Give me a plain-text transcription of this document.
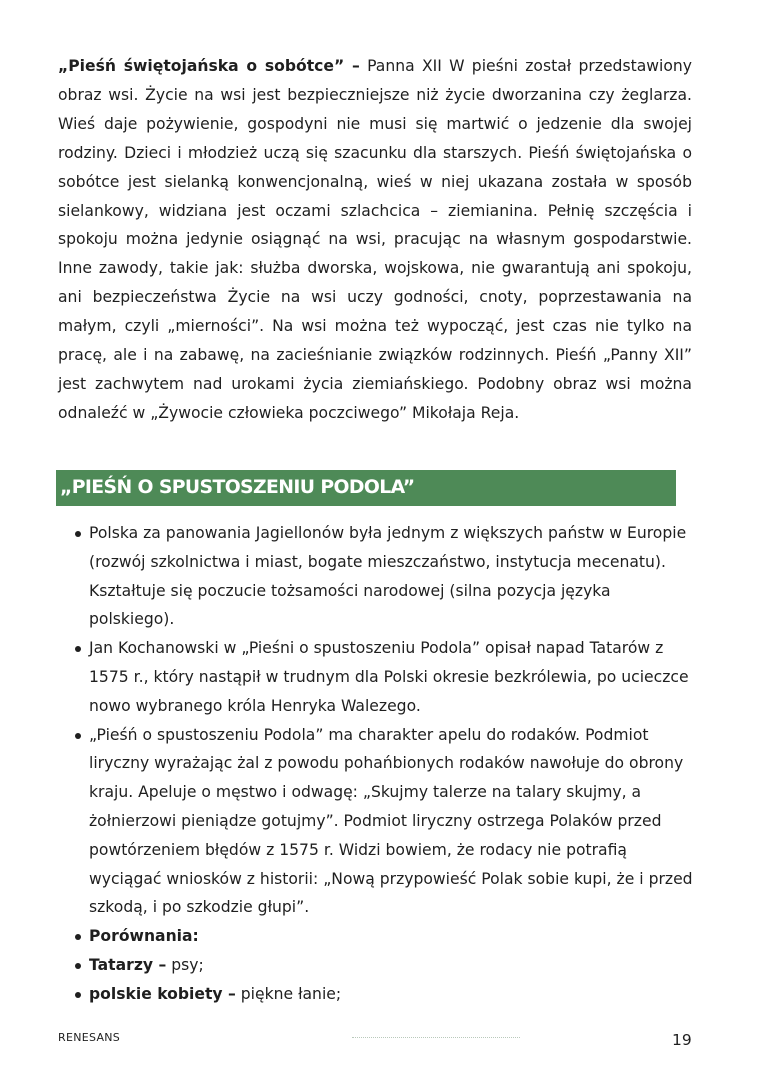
„Pieśń świętojańska o sobótce” – Panna XII W pieśni został przedstawiony obraz wsi. Życie na wsi jest bezpieczniejsze niż życie dworzanina czy żeglarza. Wieś daje pożywienie, gospodyni nie musi się martwić o jedzenie dla swojej rodziny. Dzieci i młodzież uczą się szacunku dla starszych. Pieśń świętojańska o sobótce jest sielanką konwencjonalną, wieś w niej ukazana została w sposób sielankowy, widziana jest oczami szlachcica – ziemianina. Pełnię szczęścia i spokoju można jedynie osiągnąć na wsi, pracując na własnym gospodarstwie. Inne zawody, takie jak: służba dworska, wojskowa, nie gwarantują ani spokoju, ani bezpieczeństwa Życie na wsi uczy godności, cnoty, poprzestawania na małym, czyli „mierności”. Na wsi można też wypocząć, jest czas nie tylko na pracę, ale i na zabawę, na zacieśnianie związków rodzinnych. Pieśń „Panny XII” jest zachwytem nad urokami życia ziemiańskiego. Podobny obraz wsi można odnaleźć w „Żywocie człowieka poczciwego” Mikołaja Reja.

„PIEŚŃ O SPUSTOSZENIU PODOLA”
Polska za panowania Jagiellonów była jednym z większych państw w Europie (rozwój szkolnictwa i miast, bogate mieszczaństwo, instytucja mecenatu). Kształtuje się poczucie tożsamości narodowej (silna pozycja języka polskiego).
Jan Kochanowski w „Pieśni o spustoszeniu Podola” opisał napad Tatarów z 1575 r., który nastąpił w trudnym dla Polski okresie bezkrólewia, po ucieczce nowo wybranego króla Henryka Walezego.
„Pieśń o spustoszeniu Podola” ma charakter apelu do rodaków. Podmiot liryczny wyrażając żal z powodu pohańbionych rodaków nawołuje do obrony kraju. Apeluje o męstwo i odwagę: „Skujmy talerze na talary skujmy, a żołnierzowi pieniądze gotujmy”. Podmiot liryczny ostrzega Polaków przed powtórzeniem błędów z 1575 r. Widzi bowiem, że rodacy nie potrafią wyciągać wniosków z historii: „Nową przypowieść Polak sobie kupi, że i przed szkodą, i po szkodzie głupi”.
Porównania:
Tatarzy – psy;
polskie kobiety – piękne łanie;
RENESANS	19
